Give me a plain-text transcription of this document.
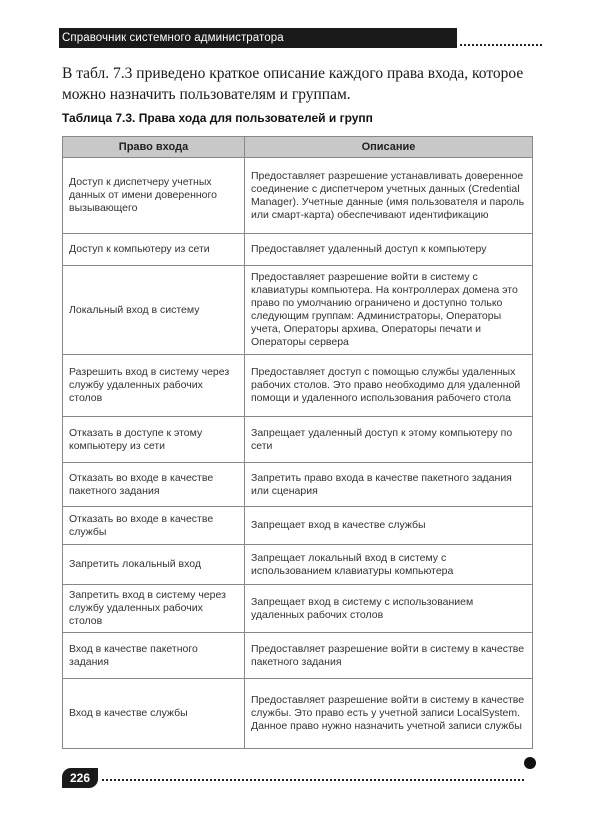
Справочник системного администратора

В табл. 7.3 приведено краткое описание каждого права входа, которое можно назначить пользователям и группам.

Таблица 7.3. Права хода для пользователей и групп

Право входа	Описание
Доступ к диспетчеру учетных данных от имени доверенного вызывающего	Предоставляет разрешение устанавливать доверенное соединение с диспетчером учетных данных (Credential Manager). Учетные данные (имя пользователя и пароль или смарт-карта) обеспечивают идентификацию
Доступ к компьютеру из сети	Предоставляет удаленный доступ к компьютеру
Локальный вход в систему	Предоставляет разрешение войти в систему с клавиатуры компьютера. На контроллерах домена это право по умолчанию ограничено и доступно только следующим группам: Администраторы, Операторы учета, Операторы архива, Операторы печати и Операторы сервера
Разрешить вход в систему через службу удаленных рабочих столов	Предоставляет доступ с помощью службы удаленных рабочих столов. Это право необходимо для удаленной помощи и удаленного использования рабочего стола
Отказать в доступе к этому компьютеру из сети	Запрещает удаленный доступ к этому компьютеру по сети
Отказать во входе в качестве пакетного задания	Запретить право входа в качестве пакетного задания или сценария
Отказать во входе в качестве службы	Запрещает вход в качестве службы
Запретить локальный вход	Запрещает локальный вход в систему с использованием клавиатуры компьютера
Запретить вход в систему через службу удаленных рабочих столов	Запрещает вход в систему с использованием удаленных рабочих столов
Вход в качестве пакетного задания	Предоставляет разрешение войти в систему в качестве пакетного задания
Вход в качестве службы	Предоставляет разрешение войти в систему в качестве службы. Это право есть у учетной записи LocalSystem. Данное право нужно назначить учетной записи службы
226
